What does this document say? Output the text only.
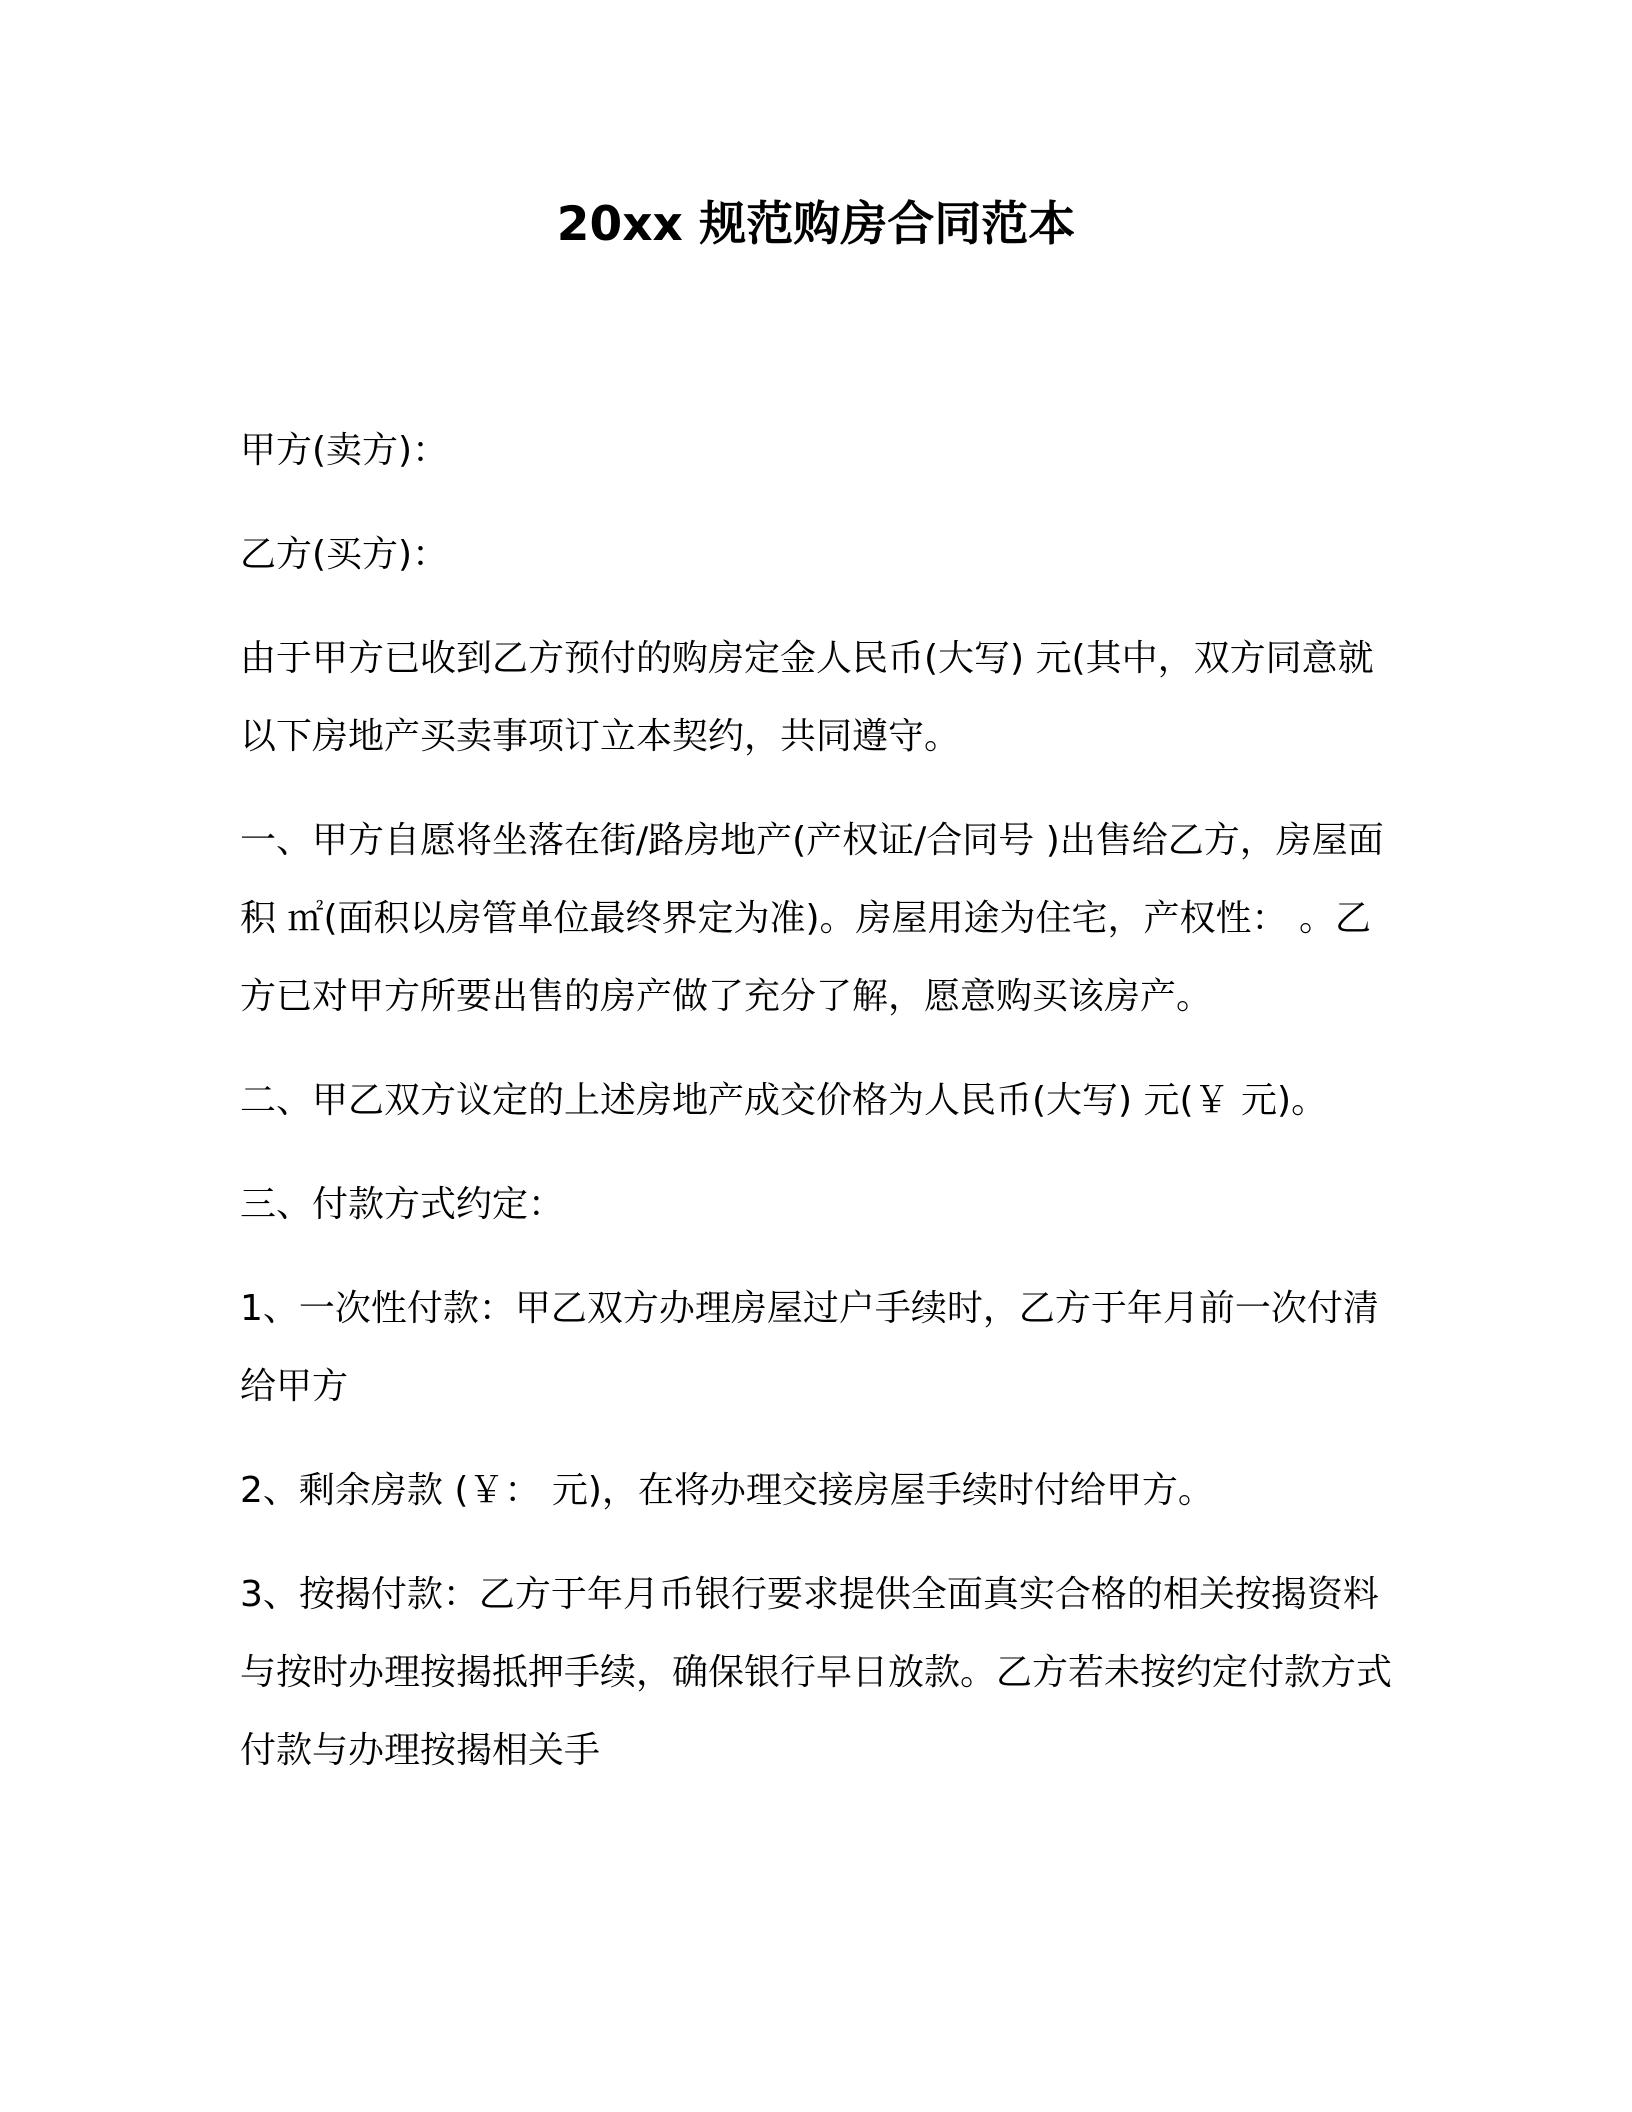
20xx 规范购房合同范本

甲方(卖方)：

乙方(买方)：

由于甲方已收到乙方预付的购房定金人民币(大写) 元(其中，双方同意就以下房地产买卖事项订立本契约，共同遵守。

一、甲方自愿将坐落在街/路房地产(产权证/合同号 )出售给乙方，房屋面积 ㎡(面积以房管单位最终界定为准)。房屋用途为住宅，产权性： 。乙方已对甲方所要出售的房产做了充分了解，愿意购买该房产。

二、甲乙双方议定的上述房地产成交价格为人民币(大写) 元(￥ 元)。

三、付款方式约定：

1、一次性付款：甲乙双方办理房屋过户手续时，乙方于年月前一次付清给甲方

2、剩余房款 (￥： 元)，在将办理交接房屋手续时付给甲方。

3、按揭付款：乙方于年月币银行要求提供全面真实合格的相关按揭资料与按时办理按揭抵押手续，确保银行早日放款。乙方若未按约定付款方式付款与办理按揭相关手
